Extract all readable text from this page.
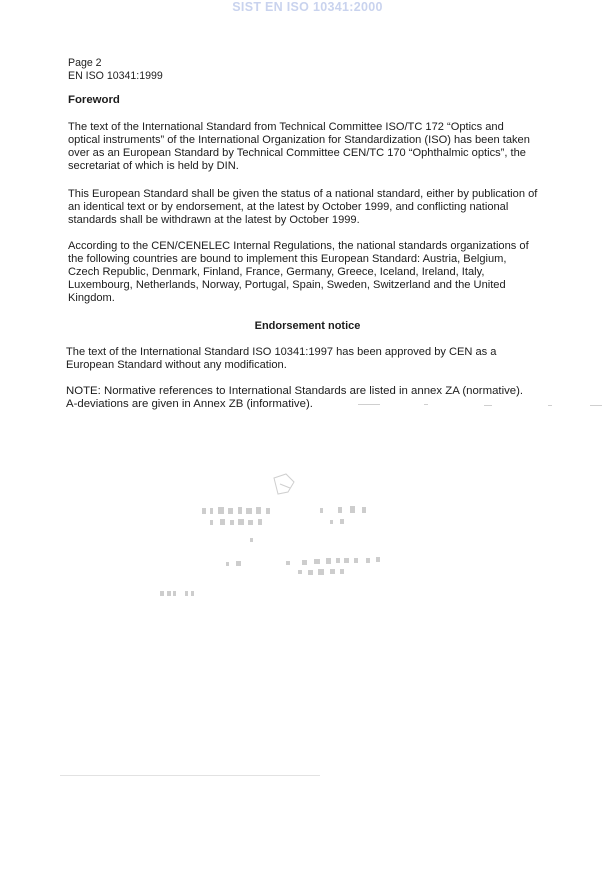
SIST EN ISO 10341:2000
Page 2
EN ISO 10341:1999
Foreword
The text of the International Standard from Technical Committee ISO/TC 172 “Optics and optical instruments” of the International Organization for Standardization (ISO) has been taken over as an European Standard by Technical Committee CEN/TC 170 “Ophthalmic optics”, the secretariat of which is held by DIN.
This European Standard shall be given the status of a national standard, either by publication of an identical text or by endorsement, at the latest by October 1999, and conflicting national standards shall be withdrawn at the latest by October 1999.
According to the CEN/CENELEC Internal Regulations, the national standards organizations of the following countries are bound to implement this European Standard: Austria, Belgium, Czech Republic, Denmark, Finland, France, Germany, Greece, Iceland, Ireland, Italy, Luxembourg, Netherlands, Norway, Portugal, Spain, Sweden, Switzerland and the United Kingdom.
Endorsement notice
The text of the International Standard ISO 10341:1997 has been approved by CEN as a European Standard without any modification.
NOTE: Normative references to International Standards are listed in annex ZA (normative).
A-deviations are given in Annex ZB (informative).
